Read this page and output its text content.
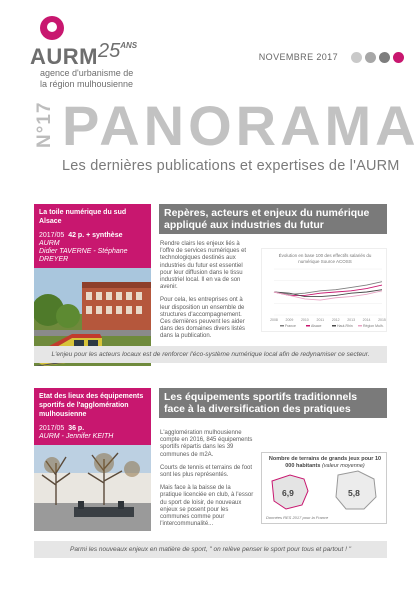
AURM $25^{ANS}$
agence d'urbanisme de
la région mulhousienne
NOVEMBRE 2017
N°17 PANORAMA
Les dernières publications et expertises de l'AURM
La toile numérique du sud Alsace
2017/05 42 p. + synthèse
AURM
Didier TAVERNE - Stéphane DREYER
Repères, acteurs et enjeux du numérique
appliqué aux industries du futur

Rendre clairs les enjeux liés à l'offre de services numériques et technologiques destinés aux industries du futur est essentiel pour leur diffusion dans le tissu industriel local. Il en va de son avenir.

Pour cela, les entreprises ont à leur disposition un ensemble de structures d'accompagnement. Ces dernières peuvent les aider dans des domaines divers listés dans la publication.

Évolution en base 100 des effectifs salariés du numérique Source ACOSS
2008 2009 2010 2011 2012 2013 2014 2015
France	Alsace	Haut-Rhin	Région Mulh.
L'enjeu pour les acteurs locaux est de renforcer l'éco-système numérique local afin de redynamiser ce secteur.
Etat des lieux des équipements sportifs de l'agglomération mulhousienne
2017/05 36 p.
AURM - Jennifer KEITH
Les équipements sportifs traditionnels
face à la diversification des pratiques

L'agglomération mulhousienne compte en 2016, 845 équipements sportifs répartis dans les 39 communes de m2A.

Courts de tennis et terrains de foot sont les plus représentés.

Mais face à la baisse de la pratique licenciée en club, à l'essor du sport de loisir, de nouveaux enjeux se posent pour les communes comme pour l'intercommunalité...

Nombre de terrains de grands jeux pour 10 000 habitants (valeur moyenne)
6,9	5,8
Données RES 2017 pour la France
Parmi les nouveaux enjeux en matière de sport, " on relève penser le sport pour tous et partout ! "
